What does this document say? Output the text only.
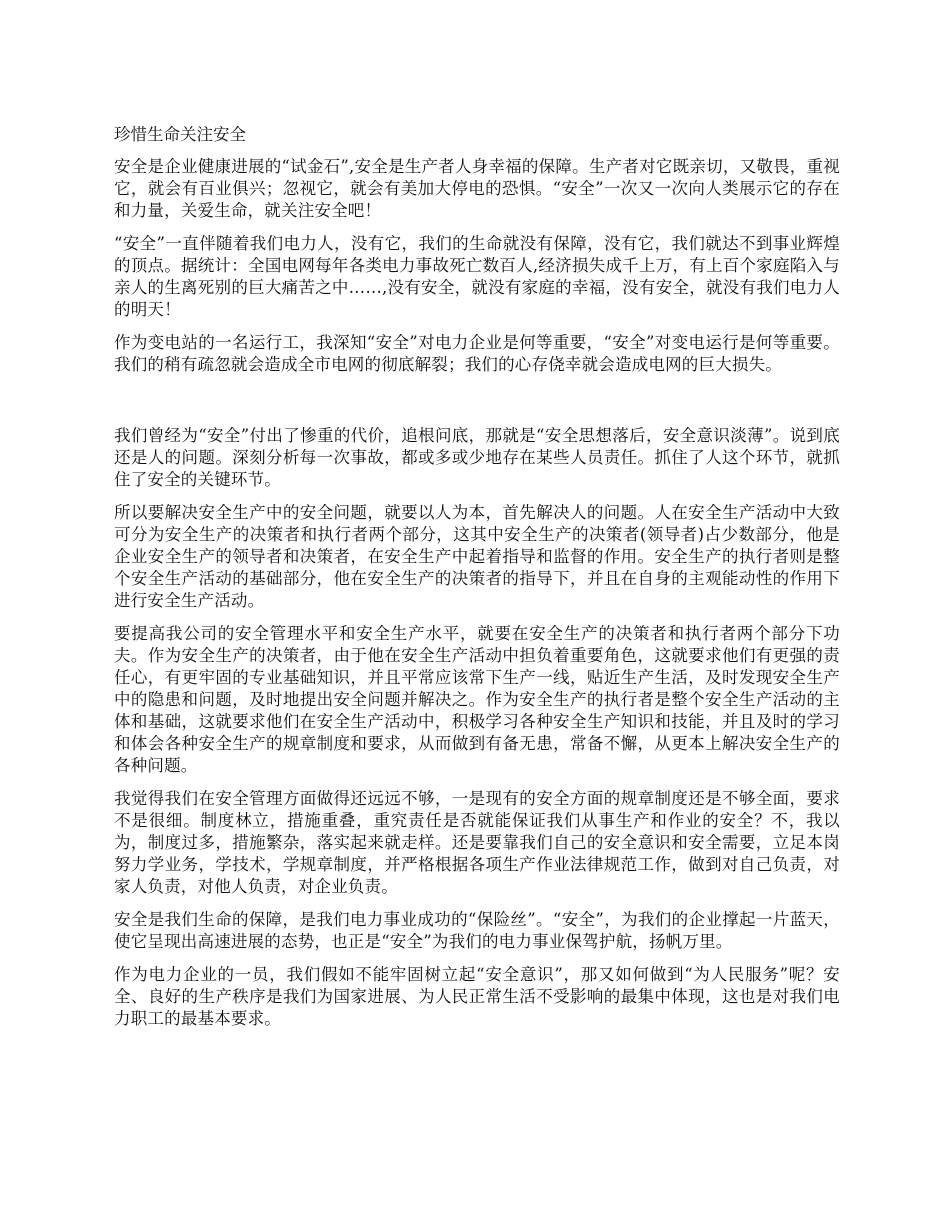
珍惜生命关注安全

安全是企业健康进展的“试金石”,安全是生产者人身幸福的保障。生产者对它既亲切，又敬畏，重视它，就会有百业俱兴；忽视它，就会有美加大停电的恐惧。“安全”一次又一次向人类展示它的存在和力量，关爱生命，就关注安全吧！

“安全”一直伴随着我们电力人，没有它，我们的生命就没有保障，没有它，我们就达不到事业辉煌的顶点。据统计：全国电网每年各类电力事故死亡数百人,经济损失成千上万，有上百个家庭陷入与亲人的生离死别的巨大痛苦之中……,没有安全，就没有家庭的幸福，没有安全，就没有我们电力人的明天！

作为变电站的一名运行工，我深知“安全”对电力企业是何等重要，“安全”对变电运行是何等重要。我们的稍有疏忽就会造成全市电网的彻底解裂；我们的心存侥幸就会造成电网的巨大损失。

我们曾经为“安全”付出了惨重的代价，追根问底，那就是“安全思想落后，安全意识淡薄”。说到底还是人的问题。深刻分析每一次事故，都或多或少地存在某些人员责任。抓住了人这个环节，就抓住了安全的关键环节。

所以要解决安全生产中的安全问题，就要以人为本，首先解决人的问题。人在安全生产活动中大致可分为安全生产的决策者和执行者两个部分，这其中安全生产的决策者(领导者)占少数部分，他是企业安全生产的领导者和决策者，在安全生产中起着指导和监督的作用。安全生产的执行者则是整个安全生产活动的基础部分，他在安全生产的决策者的指导下，并且在自身的主观能动性的作用下进行安全生产活动。

要提高我公司的安全管理水平和安全生产水平，就要在安全生产的决策者和执行者两个部分下功夫。作为安全生产的决策者，由于他在安全生产活动中担负着重要角色，这就要求他们有更强的责任心，有更牢固的专业基础知识，并且平常应该常下生产一线，贴近生产生活，及时发现安全生产中的隐患和问题，及时地提出安全问题并解决之。作为安全生产的执行者是整个安全生产活动的主体和基础，这就要求他们在安全生产活动中，积极学习各种安全生产知识和技能，并且及时的学习和体会各种安全生产的规章制度和要求，从而做到有备无患，常备不懈，从更本上解决安全生产的各种问题。

我觉得我们在安全管理方面做得还远远不够，一是现有的安全方面的规章制度还是不够全面，要求不是很细。制度林立，措施重叠，重究责任是否就能保证我们从事生产和作业的安全？不，我以为，制度过多，措施繁杂，落实起来就走样。还是要靠我们自己的安全意识和安全需要，立足本岗努力学业务，学技术，学规章制度，并严格根据各项生产作业法律规范工作，做到对自己负责，对家人负责，对他人负责，对企业负责。

安全是我们生命的保障，是我们电力事业成功的“保险丝”。“安全”，为我们的企业撑起一片蓝天，使它呈现出高速进展的态势，也正是“安全”为我们的电力事业保驾护航，扬帆万里。

作为电力企业的一员，我们假如不能牢固树立起“安全意识”，那又如何做到“为人民服务”呢？安全、良好的生产秩序是我们为国家进展、为人民正常生活不受影响的最集中体现，这也是对我们电力职工的最基本要求。
